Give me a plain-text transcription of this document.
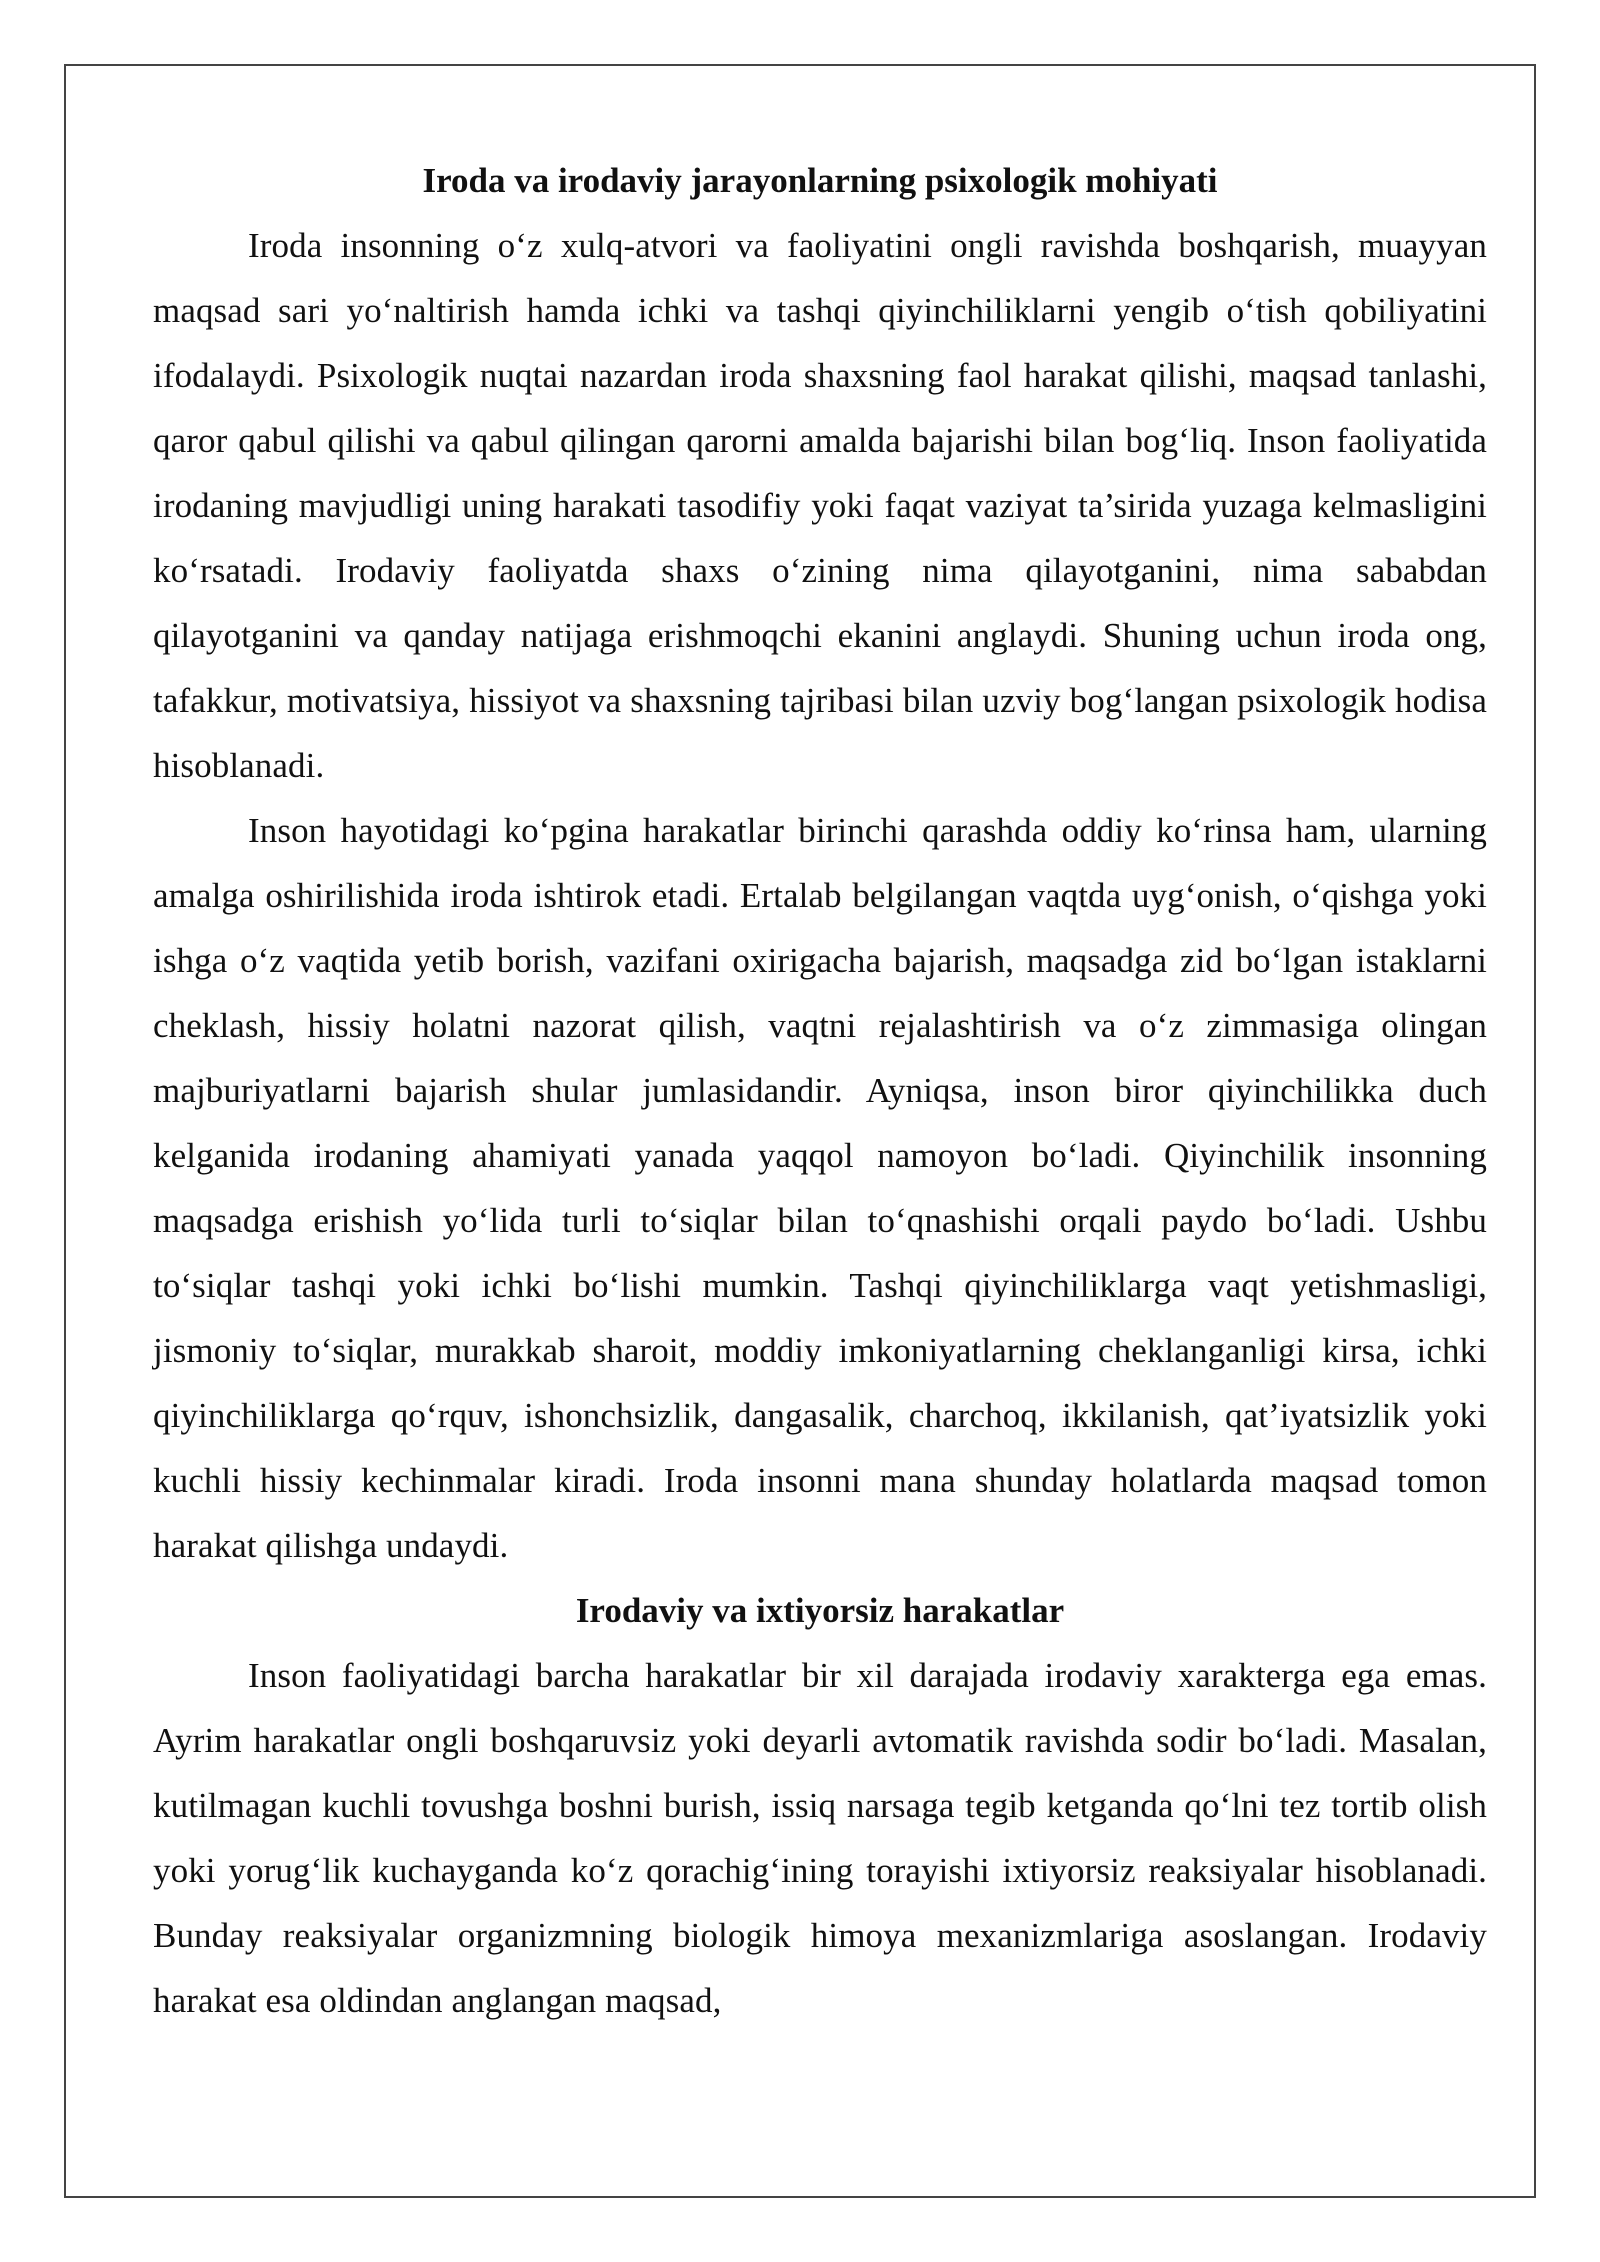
Iroda va irodaviy jarayonlarning psixologik mohiyati

Iroda insonning o‘z xulq-atvori va faoliyatini ongli ravishda boshqarish, muayyan maqsad sari yo‘naltirish hamda ichki va tashqi qiyinchiliklarni yengib o‘tish qobiliyatini ifodalaydi. Psixologik nuqtai nazardan iroda shaxsning faol harakat qilishi, maqsad tanlashi, qaror qabul qilishi va qabul qilingan qarorni amalda bajarishi bilan bog‘liq. Inson faoliyatida irodaning mavjudligi uning harakati tasodifiy yoki faqat vaziyat ta’sirida yuzaga kelmasligini ko‘rsatadi. Irodaviy faoliyatda shaxs o‘zining nima qilayotganini, nima sababdan qilayotganini va qanday natijaga erishmoqchi ekanini anglaydi. Shuning uchun iroda ong, tafakkur, motivatsiya, hissiyot va shaxsning tajribasi bilan uzviy bog‘langan psixologik hodisa hisoblanadi.

Inson hayotidagi ko‘pgina harakatlar birinchi qarashda oddiy ko‘rinsa ham, ularning amalga oshirilishida iroda ishtirok etadi. Ertalab belgilangan vaqtda uyg‘onish, o‘qishga yoki ishga o‘z vaqtida yetib borish, vazifani oxirigacha bajarish, maqsadga zid bo‘lgan istaklarni cheklash, hissiy holatni nazorat qilish, vaqtni rejalashtirish va o‘z zimmasiga olingan majburiyatlarni bajarish shular jumlasidandir. Ayniqsa, inson biror qiyinchilikka duch kelganida irodaning ahamiyati yanada yaqqol namoyon bo‘ladi. Qiyinchilik insonning maqsadga erishish yo‘lida turli to‘siqlar bilan to‘qnashishi orqali paydo bo‘ladi. Ushbu to‘siqlar tashqi yoki ichki bo‘lishi mumkin. Tashqi qiyinchiliklarga vaqt yetishmasligi, jismoniy to‘siqlar, murakkab sharoit, moddiy imkoniyatlarning cheklanganligi kirsa, ichki qiyinchiliklarga qo‘rquv, ishonchsizlik, dangasalik, charchoq, ikkilanish, qat’iyatsizlik yoki kuchli hissiy kechinmalar kiradi. Iroda insonni mana shunday holatlarda maqsad tomon harakat qilishga undaydi.

Irodaviy va ixtiyorsiz harakatlar

Inson faoliyatidagi barcha harakatlar bir xil darajada irodaviy xarakterga ega emas. Ayrim harakatlar ongli boshqaruvsiz yoki deyarli avtomatik ravishda sodir bo‘ladi. Masalan, kutilmagan kuchli tovushga boshni burish, issiq narsaga tegib ketganda qo‘lni tez tortib olish yoki yorug‘lik kuchayganda ko‘z qorachig‘ining torayishi ixtiyorsiz reaksiyalar hisoblanadi. Bunday reaksiyalar organizmning biologik himoya mexanizmlariga asoslangan. Irodaviy harakat esa oldindan anglangan maqsad,
